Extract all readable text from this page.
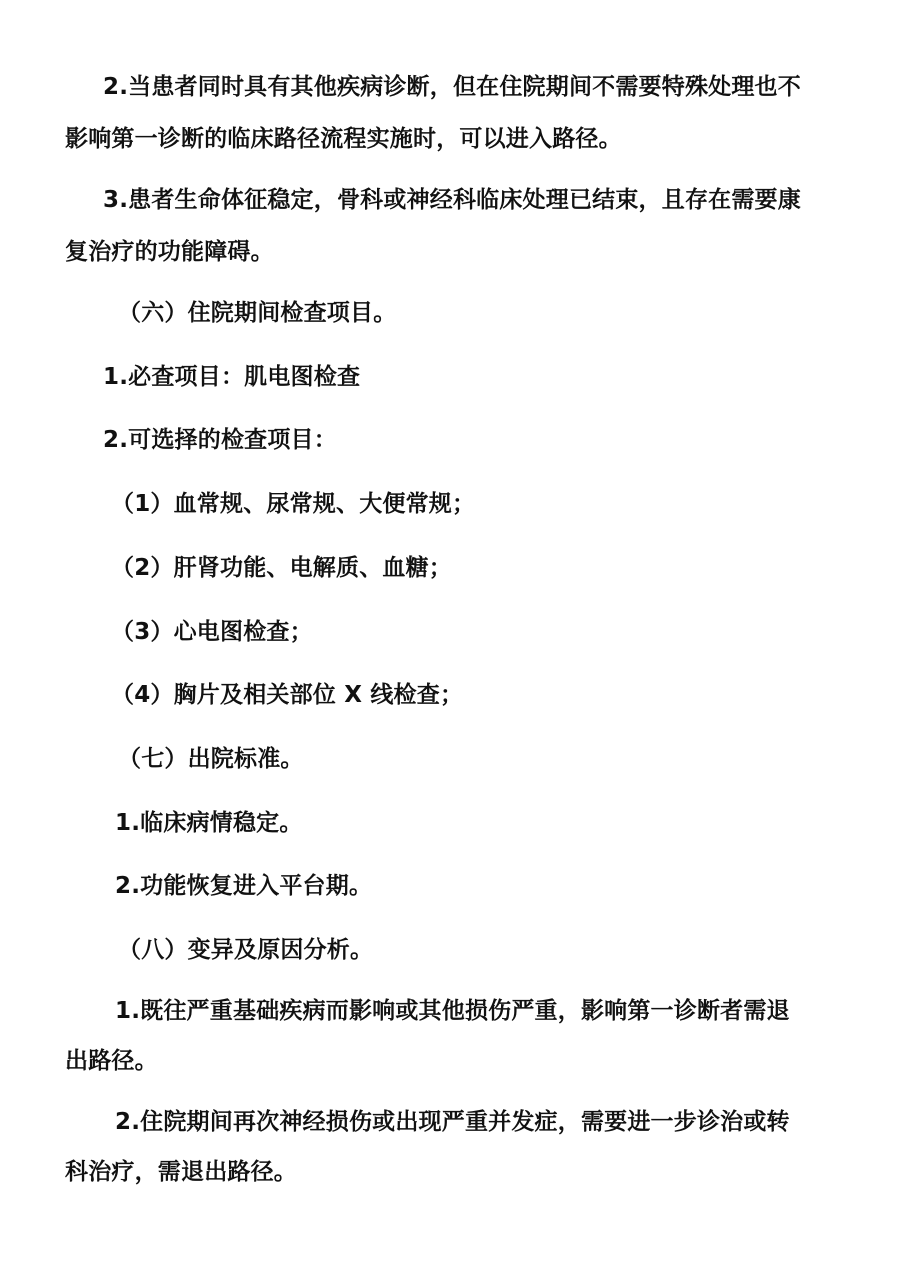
2.当患者同时具有其他疾病诊断，但在住院期间不需要特殊处理也不
影响第一诊断的临床路径流程实施时，可以进入路径。
3.患者生命体征稳定，骨科或神经科临床处理已结束，且存在需要康
复治疗的功能障碍。
（六）住院期间检查项目。
1.必查项目：肌电图检查
2.可选择的检查项目：
（1）血常规、尿常规、大便常规；
（2）肝肾功能、电解质、血糖；
（3）心电图检查；
（4）胸片及相关部位 X 线检查；
（七）出院标准。
1.临床病情稳定。
2.功能恢复进入平台期。
（八）变异及原因分析。
1.既往严重基础疾病而影响或其他损伤严重，影响第一诊断者需退
出路径。
2.住院期间再次神经损伤或出现严重并发症，需要进一步诊治或转
科治疗，需退出路径。
